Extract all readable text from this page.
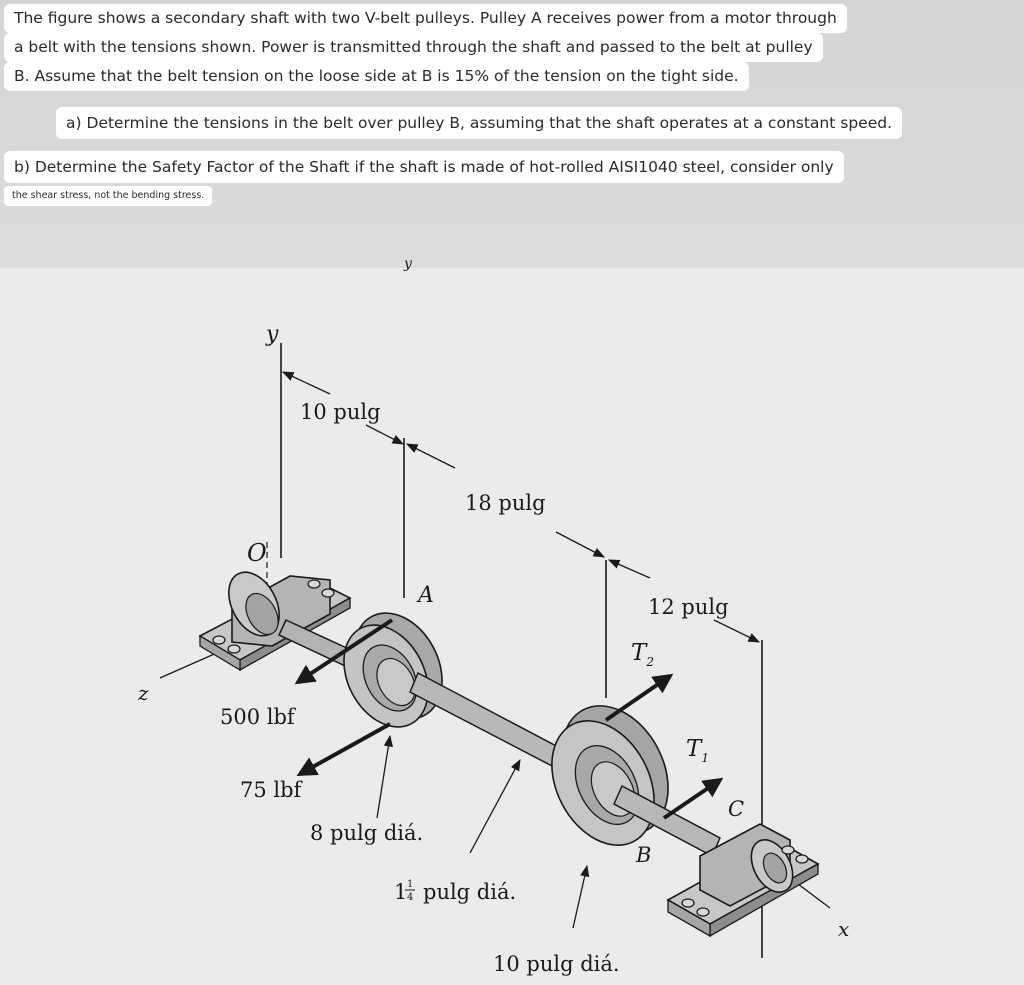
The figure shows a secondary shaft with two V-belt pulleys. Pulley A receives power from a motor through
a belt with the tensions shown. Power is transmitted through the shaft and passed to the belt at pulley
B. Assume that the belt tension on the loose side at B is 15% of the tension on the tight side.
a) Determine the tensions in the belt over pulley B, assuming that the shaft operates at a constant speed.
b) Determine the Safety Factor of the Shaft if the shaft is made of hot-rolled AISI1040 steel, consider only
the shear stress, not the bending stress.
y
y
O
z
x
10 pulg
18 pulg
12 pulg
A
B
C
$T_2$
$T_1$
500 lbf
75 lbf
8 pulg diá.
1 1
4 pulg diá.
10 pulg diá.
